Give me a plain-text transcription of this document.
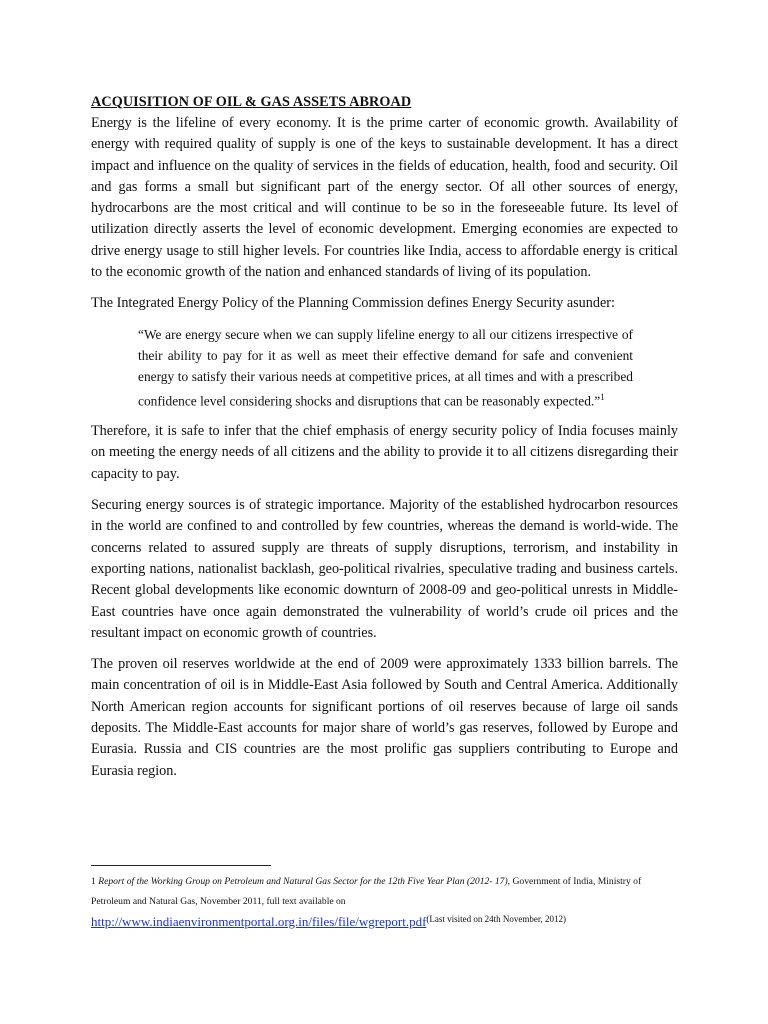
ACQUISITION OF OIL & GAS ASSETS ABROAD

Energy is the lifeline of every economy. It is the prime carter of economic growth. Availability of energy with required quality of supply is one of the keys to sustainable development. It has a direct impact and influence on the quality of services in the fields of education, health, food and security. Oil and gas forms a small but significant part of the energy sector. Of all other sources of energy, hydrocarbons are the most critical and will continue to be so in the foreseeable future. Its level of utilization directly asserts the level of economic development. Emerging economies are expected to drive energy usage to still higher levels. For countries like India, access to affordable energy is critical to the economic growth of the nation and enhanced standards of living of its population.

The Integrated Energy Policy of the Planning Commission defines Energy Security asunder:

“We are energy secure when we can supply lifeline energy to all our citizens irrespective of their ability to pay for it as well as meet their effective demand for safe and convenient energy to satisfy their various needs at competitive prices, at all times and with a prescribed confidence level considering shocks and disruptions that can be reasonably expected.”$^1$

Therefore, it is safe to infer that the chief emphasis of energy security policy of India focuses mainly on meeting the energy needs of all citizens and the ability to provide it to all citizens disregarding their capacity to pay.

Securing energy sources is of strategic importance. Majority of the established hydrocarbon resources in the world are confined to and controlled by few countries, whereas the demand is world-wide. The concerns related to assured supply are threats of supply disruptions, terrorism, and instability in exporting nations, nationalist backlash, geo-political rivalries, speculative trading and business cartels. Recent global developments like economic downturn of 2008-09 and geo-political unrests in Middle-East countries have once again demonstrated the vulnerability of world’s crude oil prices and the resultant impact on economic growth of countries.

The proven oil reserves worldwide at the end of 2009 were approximately 1333 billion barrels. The main concentration of oil is in Middle-East Asia followed by South and Central America. Additionally North American region accounts for significant portions of oil reserves because of large oil sands deposits. The Middle-East accounts for major share of world’s gas reserves, followed by Europe and Eurasia. Russia and CIS countries are the most prolific gas suppliers contributing to Europe and Eurasia region.

1 Report of the Working Group on Petroleum and Natural Gas Sector for the 12th Five Year Plan (2012- 17), Government of India, Ministry of Petroleum and Natural Gas, November 2011, full text available on
http://www.indiaenvironmentportal.org.in/files/file/wgreport.pdf$^{(Last visited on 24th November, 2012)}$
